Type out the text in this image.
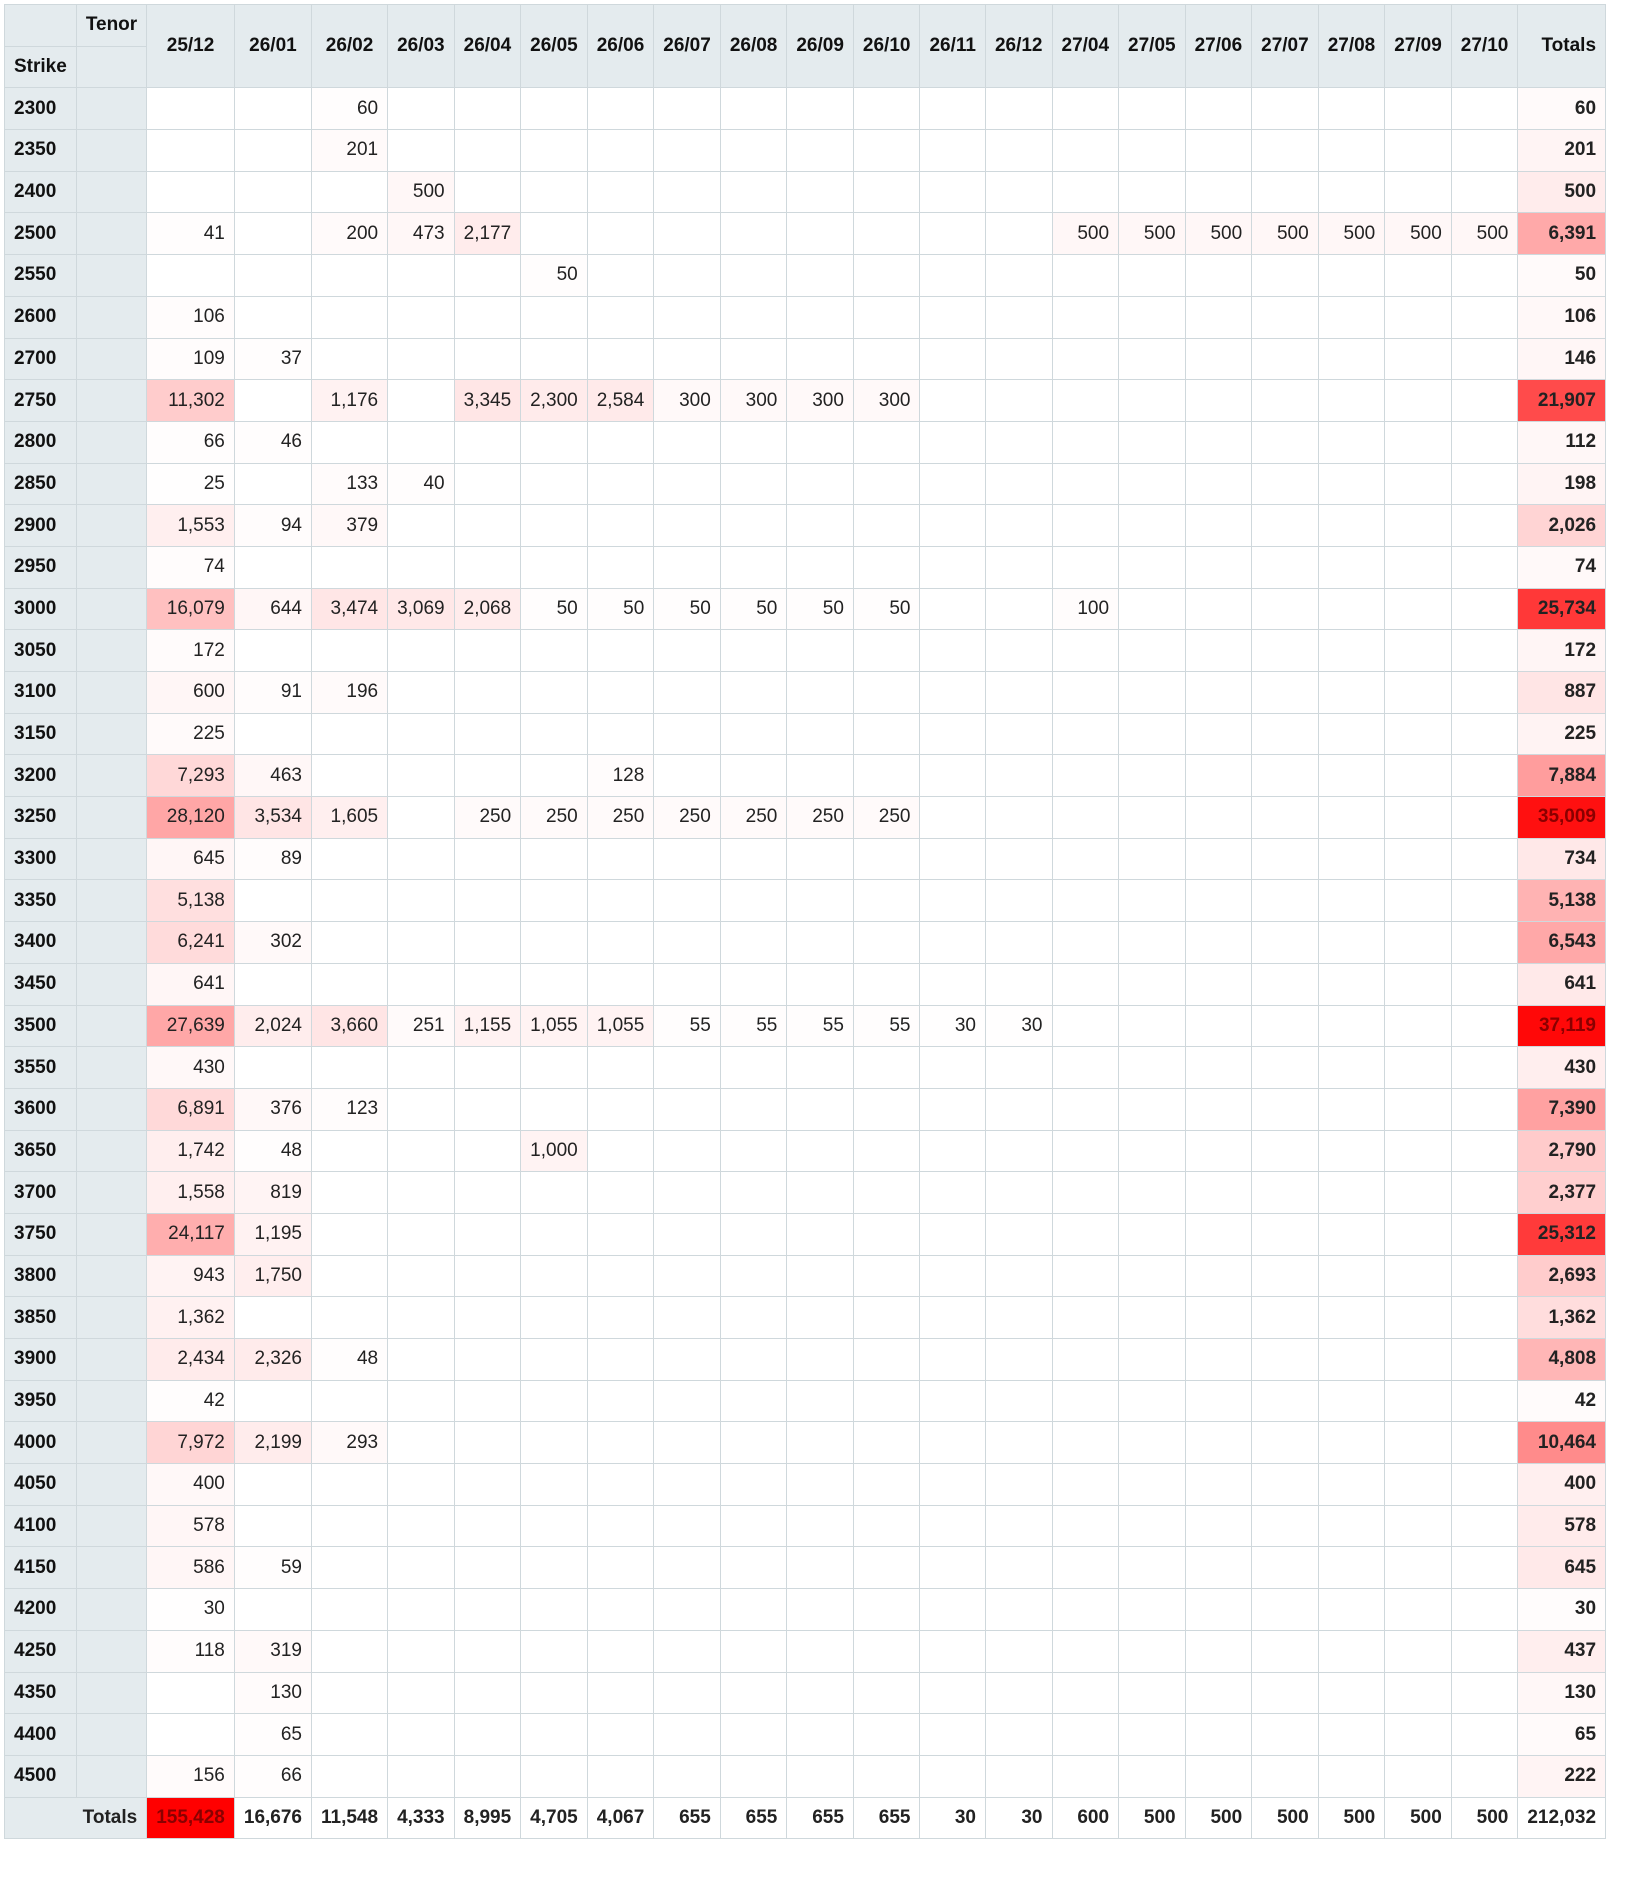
	Tenor	25/12	26/01	26/02	26/03	26/04	26/05	26/06	26/07	26/08	26/09	26/10	26/11	26/12	27/04	27/05	27/06	27/07	27/08	27/09	27/10	Totals
Strike																						
2300				60																		60
2350				201																		201
2400					500																	500
2500		41		200	473	2,177									500	500	500	500	500	500	500	6,391
2550							50															50
2600		106																				106
2700		109	37																			146
2750		11,302		1,176		3,345	2,300	2,584	300	300	300	300										21,907
2800		66	46																			112
2850		25		133	40																	198
2900		1,553	94	379																		2,026
2950		74																				74
3000		16,079	644	3,474	3,069	2,068	50	50	50	50	50	50			100							25,734
3050		172																				172
3100		600	91	196																		887
3150		225																				225
3200		7,293	463					128														7,884
3250		28,120	3,534	1,605		250	250	250	250	250	250	250										35,009
3300		645	89																			734
3350		5,138																				5,138
3400		6,241	302																			6,543
3450		641																				641
3500		27,639	2,024	3,660	251	1,155	1,055	1,055	55	55	55	55	30	30								37,119
3550		430																				430
3600		6,891	376	123																		7,390
3650		1,742	48				1,000															2,790
3700		1,558	819																			2,377
3750		24,117	1,195																			25,312
3800		943	1,750																			2,693
3850		1,362																				1,362
3900		2,434	2,326	48																		4,808
3950		42																				42
4000		7,972	2,199	293																		10,464
4050		400																				400
4100		578																				578
4150		586	59																			645
4200		30																				30
4250		118	319																			437
4350			130																			130
4400			65																			65
4500		156	66																			222
Totals		155,428	16,676	11,548	4,333	8,995	4,705	4,067	655	655	655	655	30	30	600	500	500	500	500	500	500	212,032
